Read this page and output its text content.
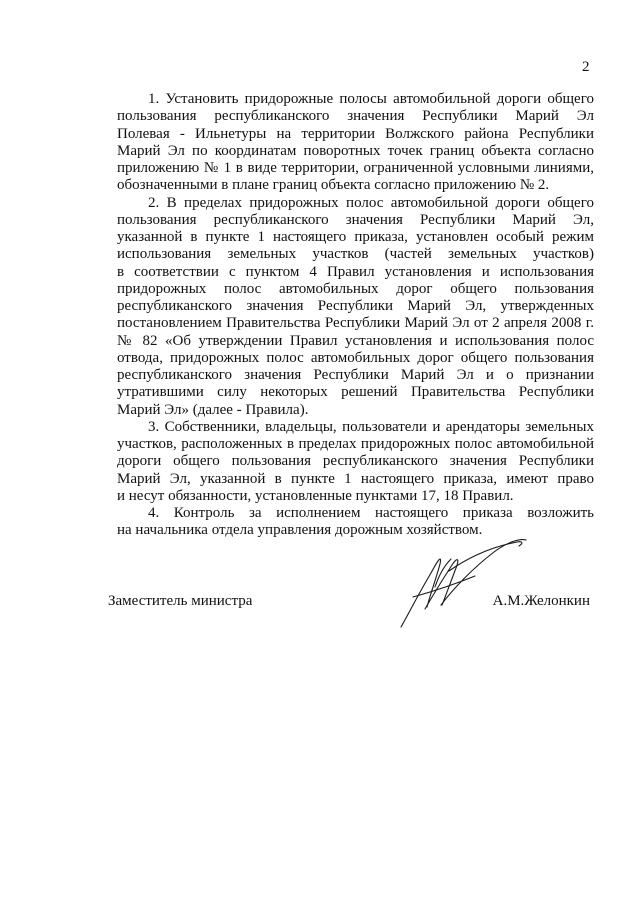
2
1. Установить придорожные полосы автомобильной дороги общего
пользования республиканского значения Республики Марий Эл
Полевая - Ильнетуры на территории Волжского района Республики
Марий Эл по координатам поворотных точек границ объекта согласно
приложению № 1 в виде территории, ограниченной условными линиями,
обозначенными в плане границ объекта согласно приложению № 2.
2. В пределах придорожных полос автомобильной дороги общего
пользования республиканского значения Республики Марий Эл,
указанной в пункте 1 настоящего приказа, установлен особый режим
использования земельных участков (частей земельных участков)
в соответствии с пунктом 4 Правил установления и использования
придорожных полос автомобильных дорог общего пользования
республиканского значения Республики Марий Эл, утвержденных
постановлением Правительства Республики Марий Эл от 2 апреля 2008 г.
№ 82 «Об утверждении Правил установления и использования полос
отвода, придорожных полос автомобильных дорог общего пользования
республиканского значения Республики Марий Эл и о признании
утратившими силу некоторых решений Правительства Республики
Марий Эл» (далее - Правила).
3. Собственники, владельцы, пользователи и арендаторы земельных
участков, расположенных в пределах придорожных полос автомобильной
дороги общего пользования республиканского значения Республики
Марий Эл, указанной в пункте 1 настоящего приказа, имеют право
и несут обязанности, установленные пунктами 17, 18 Правил.
4. Контроль за исполнением настоящего приказа возложить
на начальника отдела управления дорожным хозяйством.
Заместитель министра	А.М.Желонкин
